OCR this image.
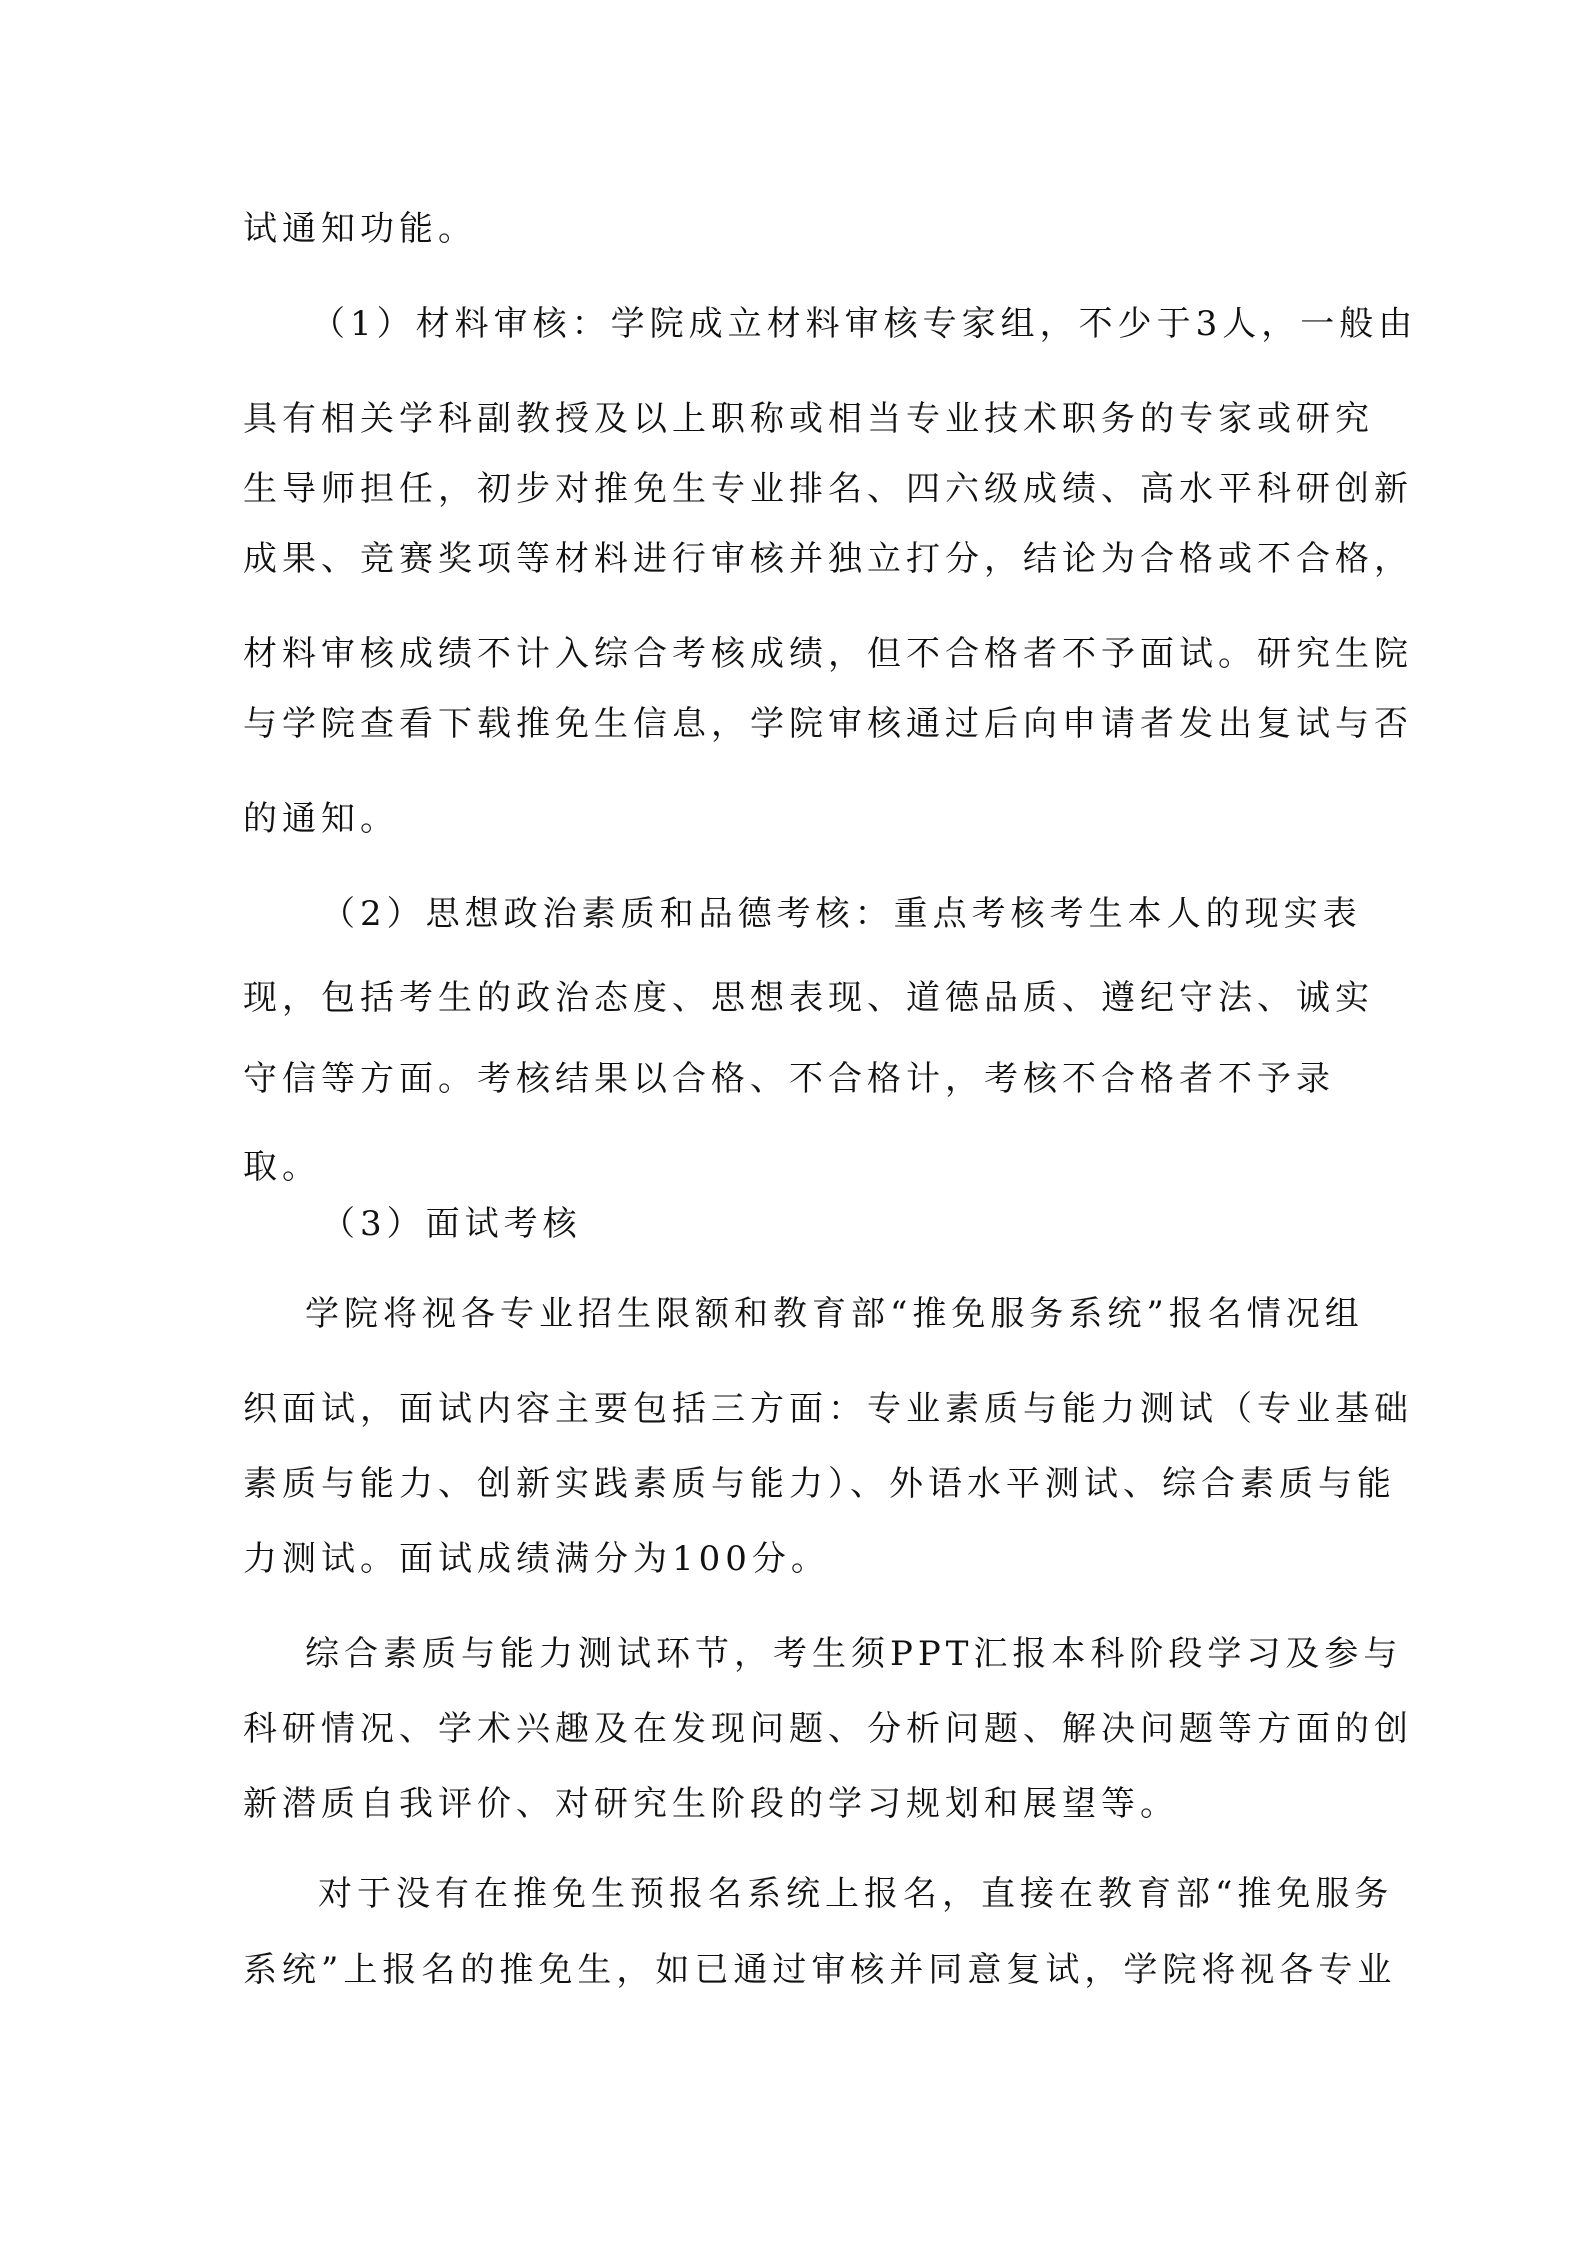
试通知功能。
（1）材料审核：学院成立材料审核专家组，不少于3人，一般由
具有相关学科副教授及以上职称或相当专业技术职务的专家或研究
生导师担任，初步对推免生专业排名、四六级成绩、高水平科研创新
成果、竞赛奖项等材料进行审核并独立打分，结论为合格或不合格，
材料审核成绩不计入综合考核成绩，但不合格者不予面试。研究生院
与学院查看下载推免生信息，学院审核通过后向申请者发出复试与否
的通知。
（2）思想政治素质和品德考核：重点考核考生本人的现实表
现，包括考生的政治态度、思想表现、道德品质、遵纪守法、诚实
守信等方面。考核结果以合格、不合格计，考核不合格者不予录
取。
（3）面试考核
学院将视各专业招生限额和教育部“推免服务系统”报名情况组
织面试，面试内容主要包括三方面：专业素质与能力测试（专业基础
素质与能力、创新实践素质与能力）、外语水平测试、综合素质与能
力测试。面试成绩满分为100分。
综合素质与能力测试环节，考生须PPT汇报本科阶段学习及参与
科研情况、学术兴趣及在发现问题、分析问题、解决问题等方面的创
新潜质自我评价、对研究生阶段的学习规划和展望等。
对于没有在推免生预报名系统上报名，直接在教育部“推免服务
系统”上报名的推免生，如已通过审核并同意复试，学院将视各专业
